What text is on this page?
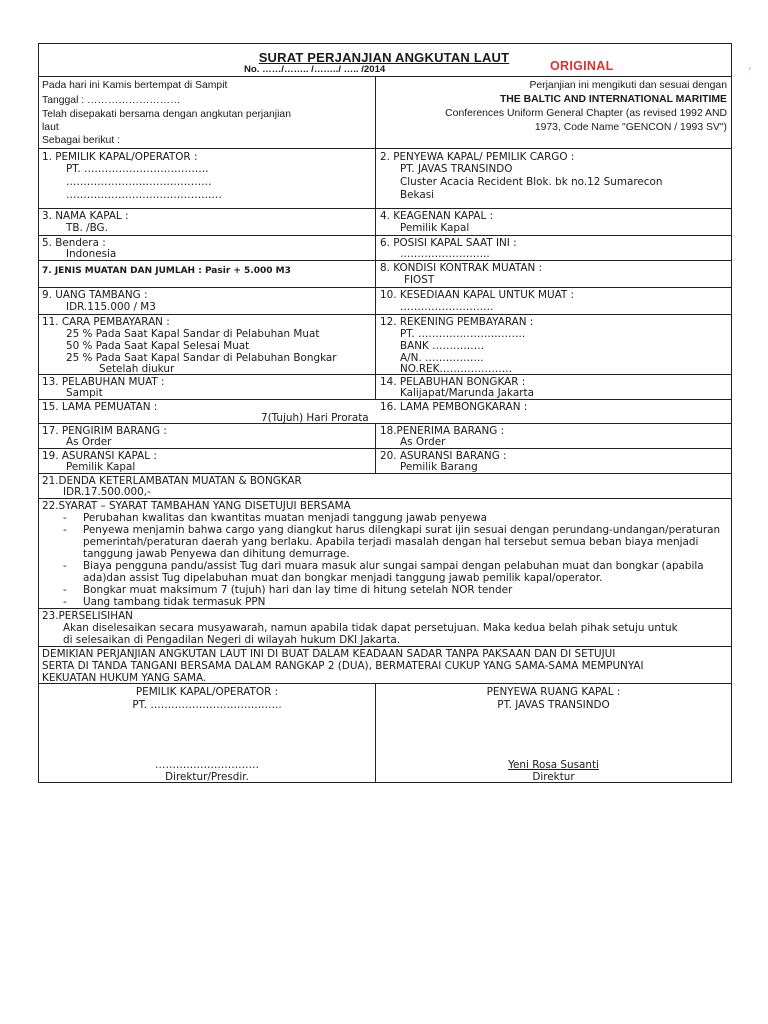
SURAT PERJANJIAN ANGKUTAN LAUT
No. ……/…….. /……../ ….. /2014	ORIGINAL	'
Pada hari ini Kamis bertempat di Sampit
Tanggal : ………………………
Telah disepakati bersama dengan angkutan perjanjian
laut
Sebagai berikut :
Perjanjian ini mengikuti dan sesuai dengan
THE BALTIC AND INTERNATIONAL MARITIME
Conferences Uniform General Chapter (as revised 1992 AND
1973, Code Name "GENCON / 1993 SV")
1. PEMILIK KAPAL/OPERATOR :
PT. ………………………………
……………………………………
………………………………………
2. PENYEWA KAPAL/ PEMILIK CARGO :
PT. JAVAS TRANSINDO
Cluster Acacia Recident Blok. bk no.12 Sumarecon
Bekasi
3. NAMA KAPAL :
TB. /BG.
4. KEAGENAN KAPAL :
Pemilik Kapal
5. Bendera :
Indonesia
6. POSISI KAPAL SAAT INI :
……………………..
7. JENIS MUATAN DAN JUMLAH : Pasir + 5.000 M3	8. KONDISI KONTRAK MUATAN :
FIOST
9. UANG TAMBANG :
IDR.115.000 / M3
10. KESEDIAAN KAPAL UNTUK MUAT :
………………………
11. CARA PEMBAYARAN :
25 % Pada Saat Kapal Sandar di Pelabuhan Muat
50 % Pada Saat Kapal Selesai Muat
25 % Pada Saat Kapal Sandar di Pelabuhan Bongkar
Setelah diukur
12. REKENING PEMBAYARAN :
PT. ………………………….
BANK ……………
A/N. ……………..
NO.REK…………………
13. PELABUHAN MUAT :
Sampit
14. PELABUHAN BONGKAR :
Kalijapat/Marunda Jakarta
15. LAMA PEMUATAN :
7(Tujuh) Hari Prorata
16. LAMA PEMBONGKARAN :
17. PENGIRIM BARANG :
As Order
18.PENERIMA BARANG :
As Order
19. ASURANSI KAPAL :
Pemilik Kapal
20. ASURANSI BARANG :
Pemilik Barang
21.DENDA KETERLAMBATAN MUATAN & BONGKAR
IDR.17.500.000,-
22.SYARAT – SYARAT TAMBAHAN YANG DISETUJUI BERSAMA
- Perubahan kwalitas dan kwantitas muatan menjadi tanggung jawab penyewa
- Penyewa menjamin bahwa cargo yang diangkut harus dilengkapi surat ijin sesuai dengan perundang-undangan/peraturan pemerintah/peraturan daerah yang berlaku. Apabila terjadi masalah dengan hal tersebut semua beban biaya menjadi tanggung jawab Penyewa dan dihitung demurrage.
- Biaya pengguna pandu/assist Tug dari muara masuk alur sungai sampai dengan pelabuhan muat dan bongkar (apabila ada)dan assist Tug dipelabuhan muat dan bongkar menjadi tanggung jawab pemilik kapal/operator.
- Bongkar muat maksimum 7 (tujuh) hari dan lay time di hitung setelah NOR tender
- Uang tambang tidak termasuk PPN
23.PERSELISIHAN
Akan diselesaikan secara musyawarah, namun apabila tidak dapat persetujuan. Maka kedua belah pihak setuju untuk
di selesaikan di Pengadilan Negeri di wilayah hukum DKI Jakarta.
DEMIKIAN PERJANJIAN ANGKUTAN LAUT INI DI BUAT DALAM KEADAAN SADAR TANPA PAKSAAN DAN DI SETUJUI
SERTA DI TANDA TANGANI BERSAMA DALAM RANGKAP 2 (DUA), BERMATERAI CUKUP YANG SAMA-SAMA MEMPUNYAI
KEKUATAN HUKUM YANG SAMA.
PEMILIK KAPAL/OPERATOR :
PT. ………………………………..
…………………………
Direktur/Presdir.
PENYEWA RUANG KAPAL :
PT. JAVAS TRANSINDO
Yeni Rosa Susanti
Direktur
